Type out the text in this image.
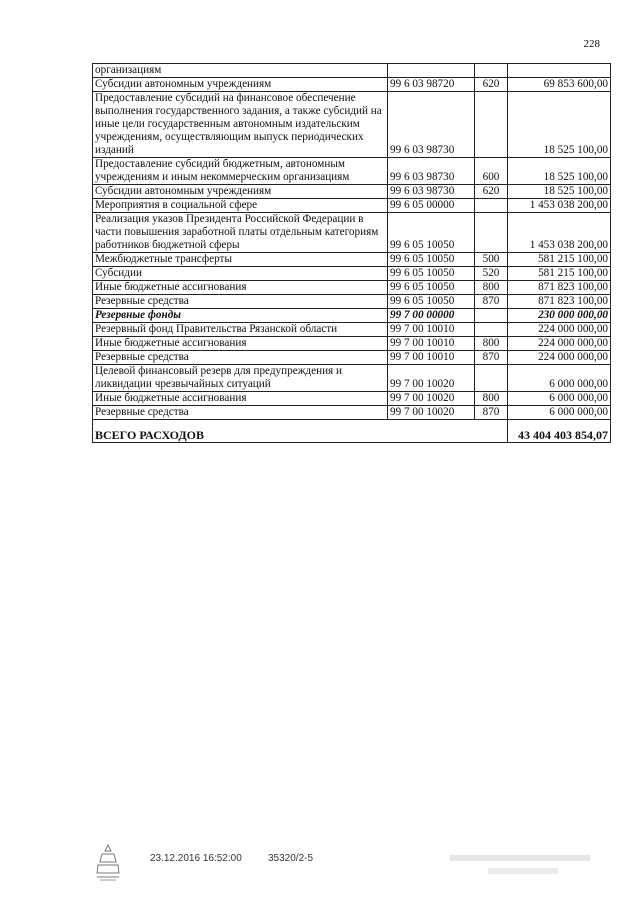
228
организациям			
Субсидии автономным учреждениям	99 6 03 98720	620	69 853 600,00
Предоставление субсидий на финансовое обеспечение выполнения государственного задания, а также субсидий на иные цели государственным автономным издательским учреждениям, осуществляющим выпуск периодических изданий	99 6 03 98730		18 525 100,00
Предоставление субсидий бюджетным, автономным учреждениям и иным некоммерческим организациям	99 6 03 98730	600	18 525 100,00
Субсидии автономным учреждениям	99 6 03 98730	620	18 525 100,00
Мероприятия в социальной сфере	99 6 05 00000		1 453 038 200,00
Реализация указов Президента Российской Федерации в части повышения заработной платы отдельным категориям работников бюджетной сферы	99 6 05 10050		1 453 038 200,00
Межбюджетные трансферты	99 6 05 10050	500	581 215 100,00
Субсидии	99 6 05 10050	520	581 215 100,00
Иные бюджетные ассигнования	99 6 05 10050	800	871 823 100,00
Резервные средства	99 6 05 10050	870	871 823 100,00
Резервные фонды	99 7 00 00000		230 000 000,00
Резервный фонд Правительства Рязанской области	99 7 00 10010		224 000 000,00
Иные бюджетные ассигнования	99 7 00 10010	800	224 000 000,00
Резервные средства	99 7 00 10010	870	224 000 000,00
Целевой финансовый резерв для предупреждения и ликвидации чрезвычайных ситуаций	99 7 00 10020		6 000 000,00
Иные бюджетные ассигнования	99 7 00 10020	800	6 000 000,00
Резервные средства	99 7 00 10020	870	6 000 000,00
ВСЕГО РАСХОДОВ			43 404 403 854,07
23.12.2016 16:52:00	35320/2-5
